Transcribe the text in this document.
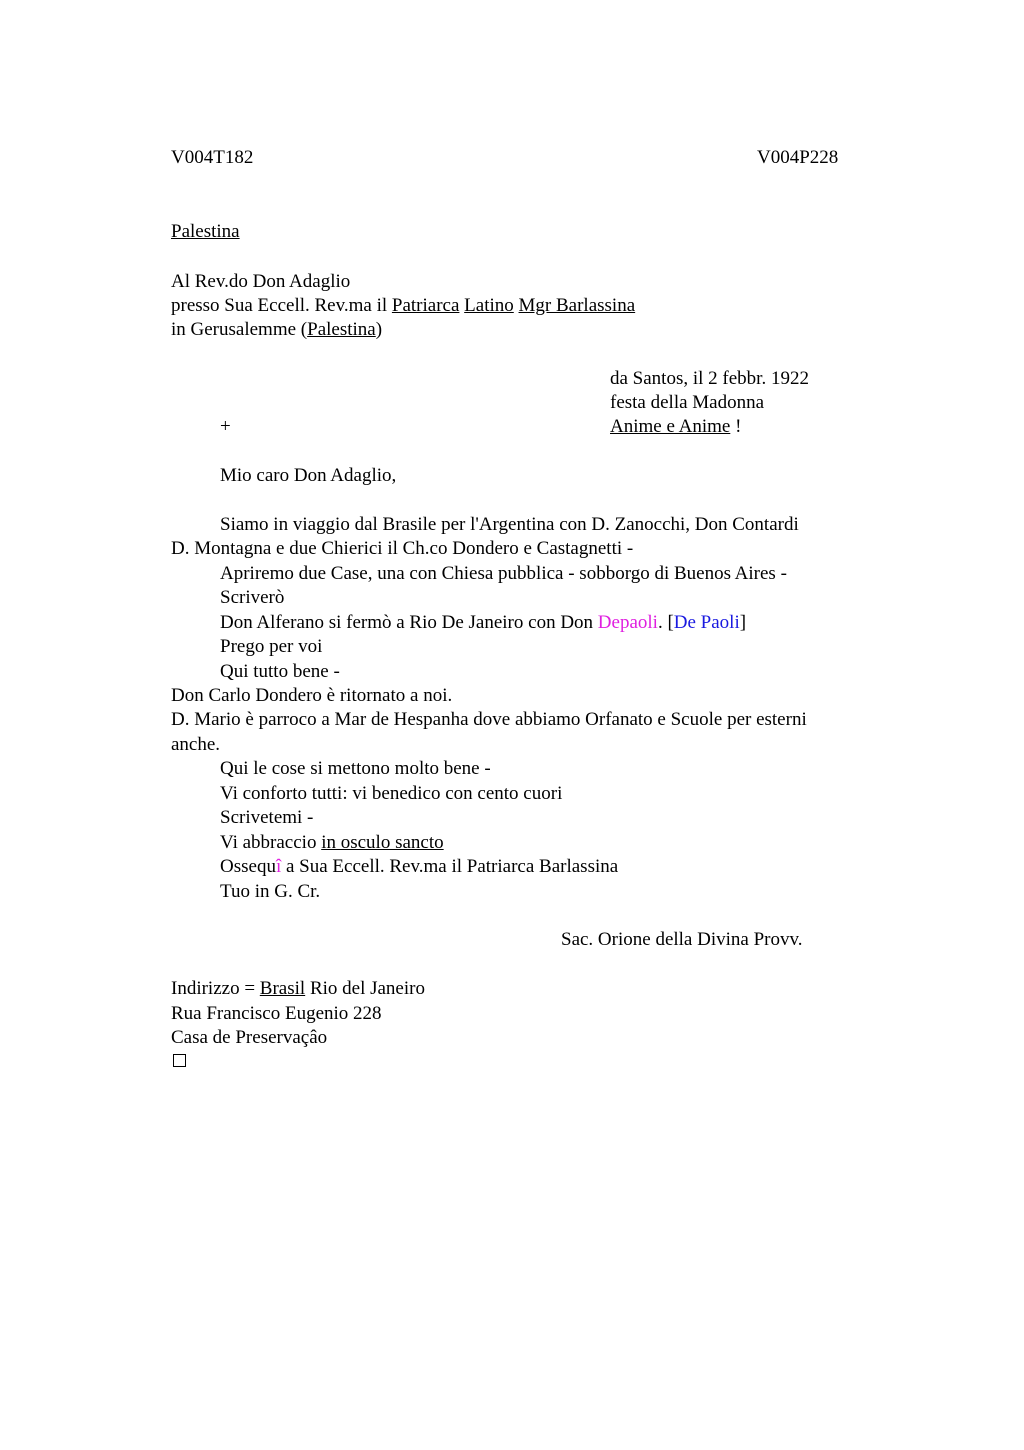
V004T182	V004P228
Palestina
Al Rev.do Don Adaglio
presso Sua Eccell. Rev.ma il Patriarca Latino Mgr Barlassina
in Gerusalemme (Palestina)
da Santos, il 2 febbr. 1922
festa della Madonna
Anime e Anime !
+
Mio caro Don Adaglio,
Siamo in viaggio dal Brasile per l'Argentina con D. Zanocchi, Don Contardi
D. Montagna e due Chierici il Ch.co Dondero e Castagnetti -
Apriremo due Case, una con Chiesa pubblica - sobborgo di Buenos Aires -
Scriverò
Don Alferano si fermò a Rio De Janeiro con Don Depaoli. [De Paoli]
Prego per voi
Qui tutto bene -
Don Carlo Dondero è ritornato a noi.
D. Mario è parroco a Mar de Hespanha dove abbiamo Orfanato e Scuole per esterni
anche.
Qui le cose si mettono molto bene -
Vi conforto tutti: vi benedico con cento cuori
Scrivetemi -
Vi abbraccio in osculo sancto
Ossequî a Sua Eccell. Rev.ma il Patriarca Barlassina
Tuo in G. Cr.
Sac. Orione della Divina Provv.
Indirizzo = Brasil Rio del Janeiro
Rua Francisco Eugenio 228
Casa de Preservaçâo
